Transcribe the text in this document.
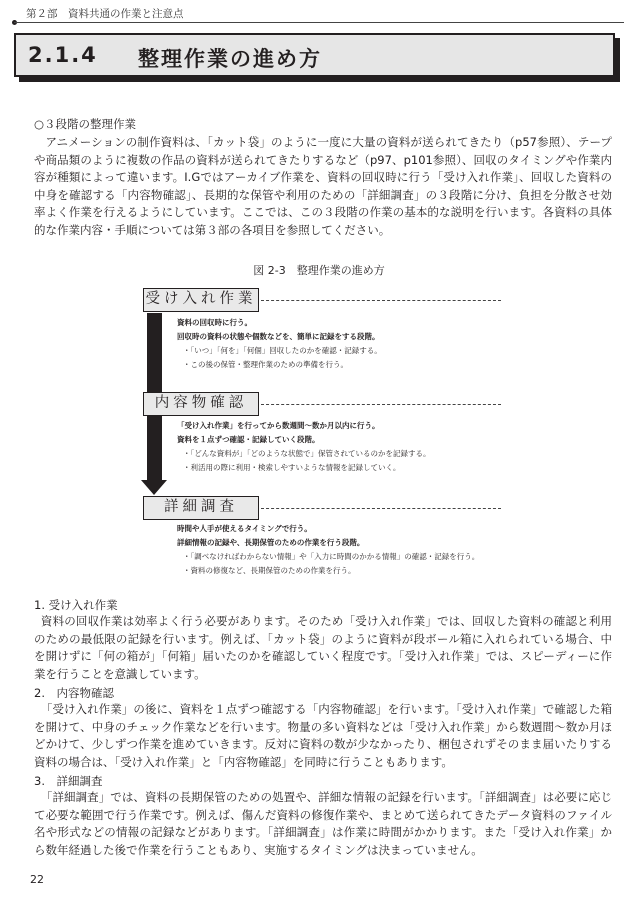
第２部　資料共通の作業と注意点
2.1.4 整理作業の進め方
○３段階の整理作業

アニメーションの制作資料は、「カット袋」のように一度に大量の資料が送られてきたり（p57参照）、テープや商品類のように複数の作品の資料が送られてきたりするなど（p97、p101参照）、回収のタイミングや作業内容が種類によって違います。I.Gではアーカイブ作業を、資料の回収時に行う「受け入れ作業」、回収した資料の中身を確認する「内容物確認」、長期的な保管や利用のための「詳細調査」の３段階に分け、負担を分散させ効率よく作業を行えるようにしています。ここでは、この３段階の作業の基本的な説明を行います。各資料の具体的な作業内容・手順については第３部の各項目を参照してください。

図 2-3　整理作業の進め方
受け入れ作業
資料の回収時に行う。
回収時の資料の状態や個数などを、簡単に記録をする段階。
・「いつ」「何を」「何個」回収したのかを確認・記録する。
・この後の保管・整理作業のための準備を行う。
内容物確認
「受け入れ作業」を行ってから数週間～数か月以内に行う。
資料を１点ずつ確認・記録していく段階。
・「どんな資料が」「どのような状態で」保管されているのかを記録する。
・利活用の際に利用・検索しやすいような情報を記録していく。
詳細調査
時間や人手が使えるタイミングで行う。
詳細情報の記録や、長期保管のための作業を行う段階。
・「調べなければわからない情報」や「入力に時間のかかる情報」の確認・記録を行う。
・資料の修復など、長期保管のための作業を行う。
1. 受け入れ作業

資料の回収作業は効率よく行う必要があります。そのため「受け入れ作業」では、回収した資料の確認と利用のための最低限の記録を行います。例えば、「カット袋」のように資料が段ボール箱に入れられている場合、中を開けずに「何の箱が」「何箱」届いたのかを確認していく程度です。「受け入れ作業」では、スピーディーに作業を行うことを意識しています。

2.　内容物確認

「受け入れ作業」の後に、資料を１点ずつ確認する「内容物確認」を行います。「受け入れ作業」で確認した箱を開けて、中身のチェック作業などを行います。物量の多い資料などは「受け入れ作業」から数週間～数か月ほどかけて、少しずつ作業を進めていきます。反対に資料の数が少なかったり、梱包されずそのまま届いたりする資料の場合は、「受け入れ作業」と「内容物確認」を同時に行うこともあります。

3.　詳細調査

「詳細調査」では、資料の長期保管のための処置や、詳細な情報の記録を行います。「詳細調査」は必要に応じて必要な範囲で行う作業です。例えば、傷んだ資料の修復作業や、まとめて送られてきたデータ資料のファイル名や形式などの情報の記録などがあります。「詳細調査」は作業に時間がかかります。また「受け入れ作業」から数年経過した後で作業を行うこともあり、実施するタイミングは決まっていません。

22
